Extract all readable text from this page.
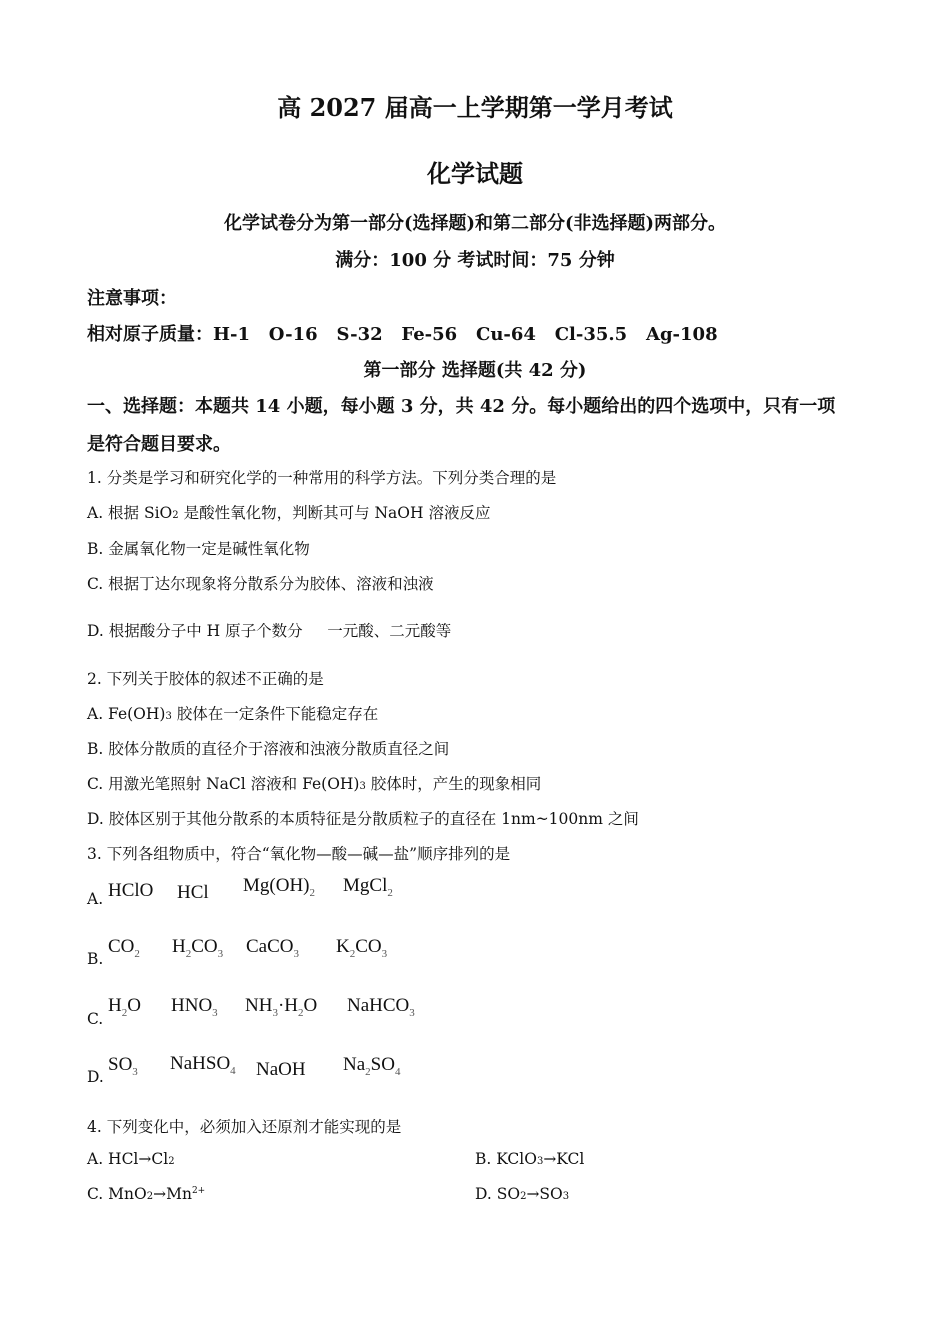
高 2027 届高一上学期第一学月考试
化学试题
化学试卷分为第一部分(选择题)和第二部分(非选择题)两部分。
满分：100 分 考试时间：75 分钟
注意事项：
相对原子质量：H-1   O-16   S-32   Fe-56   Cu-64   Cl-35.5   Ag-108
第一部分 选择题(共 42 分)
一、选择题：本题共 14 小题，每小题 3 分，共 42 分。每小题给出的四个选项中，只有一项
是符合题目要求。
1. 分类是学习和研究化学的一种常用的科学方法。下列分类合理的是
A. 根据 SiO2 是酸性氧化物，判断其可与 NaOH 溶液反应
B. 金属氧化物一定是碱性氧化物
C. 根据丁达尔现象将分散系分为胶体、溶液和浊液
D. 根据酸分子中 H 原子个数分     一元酸、二元酸等
2. 下列关于胶体的叙述不正确的是
A. Fe(OH)3 胶体在一定条件下能稳定存在
B. 胶体分散质的直径介于溶液和浊液分散质直径之间
C. 用激光笔照射 NaCl 溶液和 Fe(OH)3 胶体时，产生的现象相同
D. 胶体区别于其他分散系的本质特征是分散质粒子的直径在 1nm~100nm 之间
3. 下列各组物质中，符合“氧化物—酸—碱—盐”顺序排列的是
A. HClO HCl $Mg(OH)_2$ MgCl$_2$
B.
$CO_2$ $H_2CO_3$ CaCO$_3$ $K_2CO_3$
C.
$H_2O$ $HNO_3$ $NH_3\cdot H_2O$ NaHCO$_3$
D.
$SO_3$ NaHSO$_4$ NaOH $Na_2SO_4$
4. 下列变化中，必须加入还原剂才能实现的是
A. HCl→Cl2	B. KClO3→KCl
C. $MnO2\to Mn^{2+}$	D. SO2→SO3
